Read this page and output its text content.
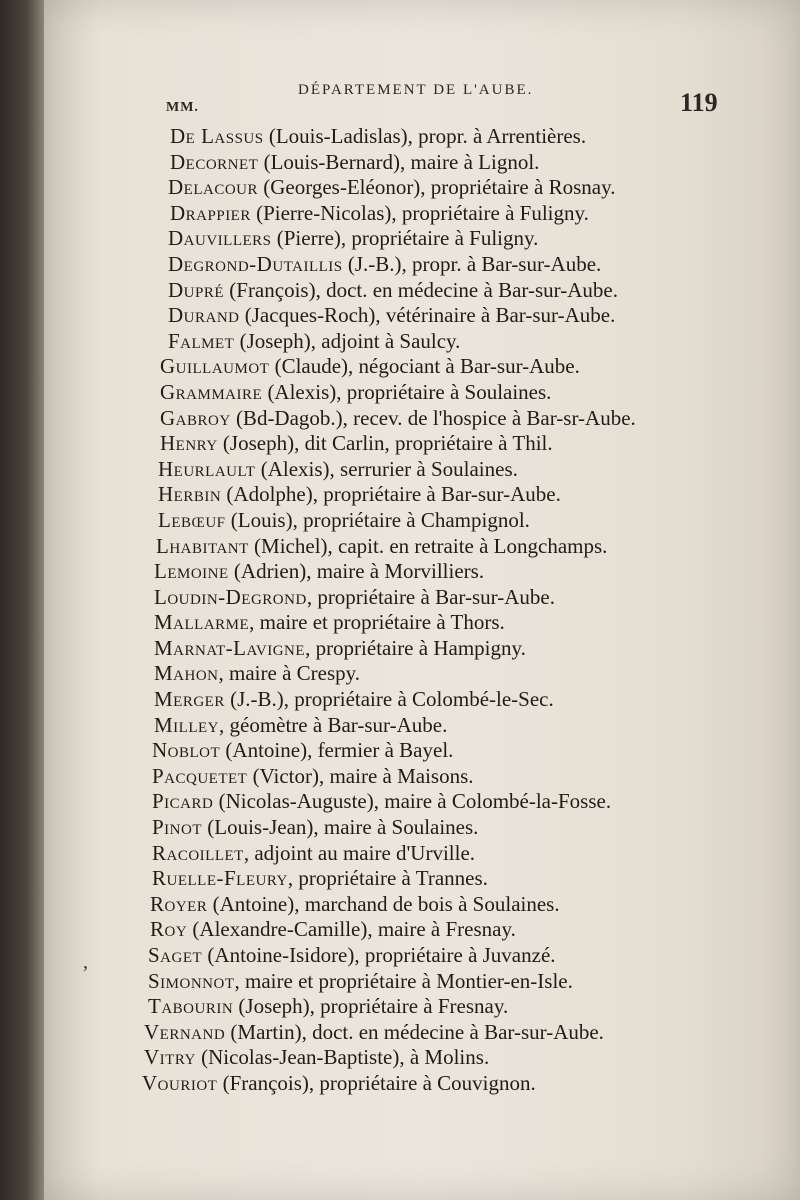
MM.
DÉPARTEMENT DE L'AUBE.	119
De Lassus (Louis-Ladislas), propr. à Arrentières.
Decornet (Louis-Bernard), maire à Lignol.
Delacour (Georges-Eléonor), propriétaire à Rosnay.
Drappier (Pierre-Nicolas), propriétaire à Fuligny.
Dauvillers (Pierre), propriétaire à Fuligny.
Degrond-Dutaillis (J.-B.), propr. à Bar-sur-Aube.
Dupré (François), doct. en médecine à Bar-sur-Aube.
Durand (Jacques-Roch), vétérinaire à Bar-sur-Aube.
Falmet (Joseph), adjoint à Saulcy.
Guillaumot (Claude), négociant à Bar-sur-Aube.
Grammaire (Alexis), propriétaire à Soulaines.
Gabroy (Bd-Dagob.), recev. de l'hospice à Bar-sr-Aube.
Henry (Joseph), dit Carlin, propriétaire à Thil.
Heurlault (Alexis), serrurier à Soulaines.
Herbin (Adolphe), propriétaire à Bar-sur-Aube.
Lebœuf (Louis), propriétaire à Champignol.
Lhabitant (Michel), capit. en retraite à Longchamps.
Lemoine (Adrien), maire à Morvilliers.
Loudin-Degrond, propriétaire à Bar-sur-Aube.
Mallarme, maire et propriétaire à Thors.
Marnat-Lavigne, propriétaire à Hampigny.
Mahon, maire à Crespy.
Merger (J.-B.), propriétaire à Colombé-le-Sec.
Milley, géomètre à Bar-sur-Aube.
Noblot (Antoine), fermier à Bayel.
Pacquetet (Victor), maire à Maisons.
Picard (Nicolas-Auguste), maire à Colombé-la-Fosse.
Pinot (Louis-Jean), maire à Soulaines.
Racoillet, adjoint au maire d'Urville.
Ruelle-Fleury, propriétaire à Trannes.
Royer (Antoine), marchand de bois à Soulaines.
Roy (Alexandre-Camille), maire à Fresnay.
Saget (Antoine-Isidore), propriétaire à Juvanzé.
Simonnot, maire et propriétaire à Montier-en-Isle.
Tabourin (Joseph), propriétaire à Fresnay.
Vernand (Martin), doct. en médecine à Bar-sur-Aube.
Vitry (Nicolas-Jean-Baptiste), à Molins.
Vouriot (François), propriétaire à Couvignon.
’
